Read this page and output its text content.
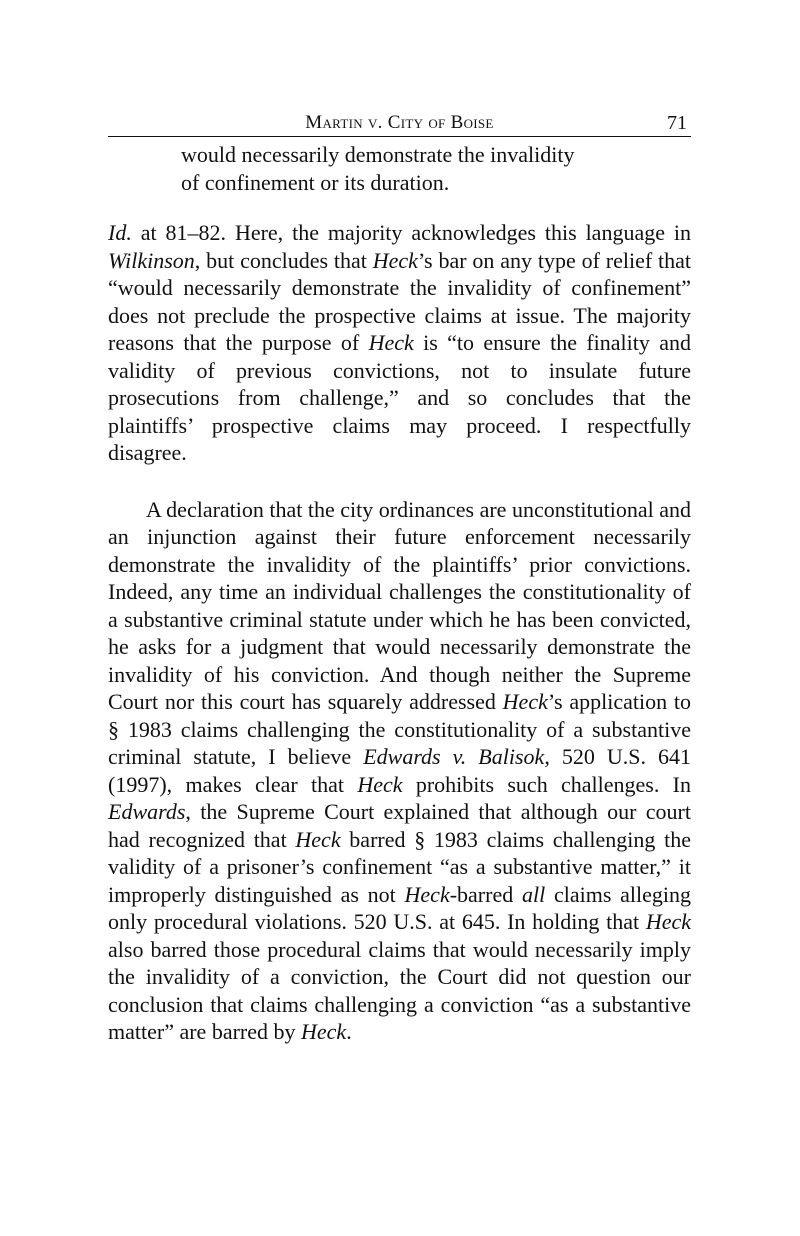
Martin v. City of Boise	71
would necessarily demonstrate the invalidity
of confinement or its duration.
Id. at 81–82. Here, the majority acknowledges this language in Wilkinson, but concludes that Heck’s bar on any type of relief that “would necessarily demonstrate the invalidity of confinement” does not preclude the prospective claims at issue. The majority reasons that the purpose of Heck is “to ensure the finality and validity of previous convictions, not to insulate future prosecutions from challenge,” and so concludes that the plaintiffs’ prospective claims may proceed. I respectfully disagree.
A declaration that the city ordinances are unconstitutional and an injunction against their future enforcement necessarily demonstrate the invalidity of the plaintiffs’ prior convictions. Indeed, any time an individual challenges the constitutionality of a substantive criminal statute under which he has been convicted, he asks for a judgment that would necessarily demonstrate the invalidity of his conviction. And though neither the Supreme Court nor this court has squarely addressed Heck’s application to § 1983 claims challenging the constitutionality of a substantive criminal statute, I believe Edwards v. Balisok, 520 U.S. 641 (1997), makes clear that Heck prohibits such challenges. In Edwards, the Supreme Court explained that although our court had recognized that Heck barred § 1983 claims challenging the validity of a prisoner’s confinement “as a substantive matter,” it improperly distinguished as not Heck-barred all claims alleging only procedural violations. 520 U.S. at 645. In holding that Heck also barred those procedural claims that would necessarily imply the invalidity of a conviction, the Court did not question our conclusion that claims challenging a conviction “as a substantive matter” are barred by Heck.
